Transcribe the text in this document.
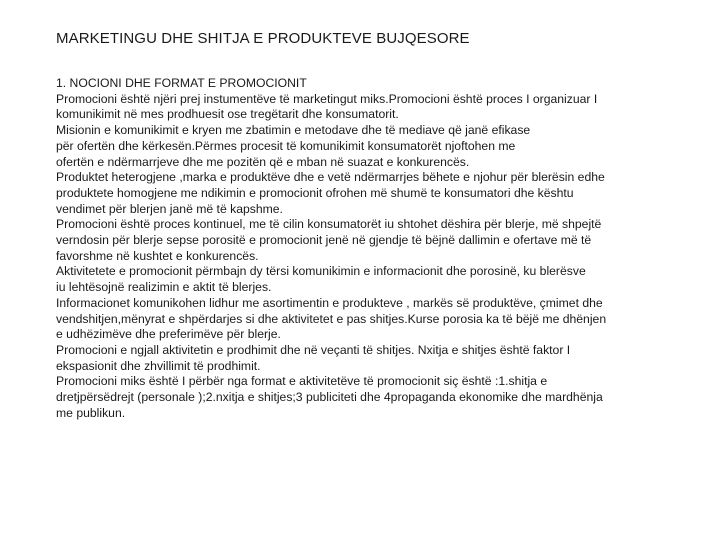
MARKETINGU DHE SHITJA E PRODUKTEVE BUJQESORE
1. NOCIONI DHE FORMAT E PROMOCIONIT
Promocioni është njëri prej instumentëve të marketingut miks.Promocioni është proces I organizuar I
komunikimit në mes prodhuesit ose tregëtarit dhe konsumatorit.
Misionin e komunikimit e kryen me zbatimin e metodave dhe të mediave që janë efikase
për ofertën dhe kërkesën.Përmes procesit të komunikimit konsumatorët njoftohen me
ofertën e ndërmarrjeve dhe me pozitën që e mban në suazat e konkurencës.
Produktet heterogjene ,marka e produktëve dhe e vetë ndërmarrjes bëhete e njohur për blerësin edhe
produktete homogjene me ndikimin e promocionit ofrohen më shumë te konsumatori dhe kështu
vendimet për blerjen janë më të kapshme.
Promocioni është proces kontinuel, me të cilin konsumatorët iu shtohet dëshira për blerje, më shpejtë
verndosin për blerje sepse porositë e promocionit jenë në gjendje të bëjnë dallimin e ofertave më të
favorshme në kushtet e konkurencës.
Aktivitetete e promocionit përmbajn dy tërsi komunikimin e informacionit dhe porosinë, ku blerësve
iu lehtësojnë realizimin e aktit të blerjes.
Informacionet komunikohen lidhur me asortimentin e produkteve , markës së produktëve, çmimet dhe
vendshitjen,mënyrat e shpërdarjes si dhe aktivitetet e pas shitjes.Kurse porosia ka të bëjë me dhënjen
e udhëzimëve dhe preferimëve për blerje.
Promocioni e ngjall aktivitetin e prodhimit dhe në veçanti të shitjes. Nxitja e shitjes është faktor I
ekspasionit dhe zhvillimit të prodhimit.
Promocioni miks është I përbër nga format e aktivitetëve të promocionit siç është :1.shitja e
dretjpërsëdrejt (personale );2.nxitja e shitjes;3 publiciteti dhe 4propaganda ekonomike dhe mardhënja
me publikun.
